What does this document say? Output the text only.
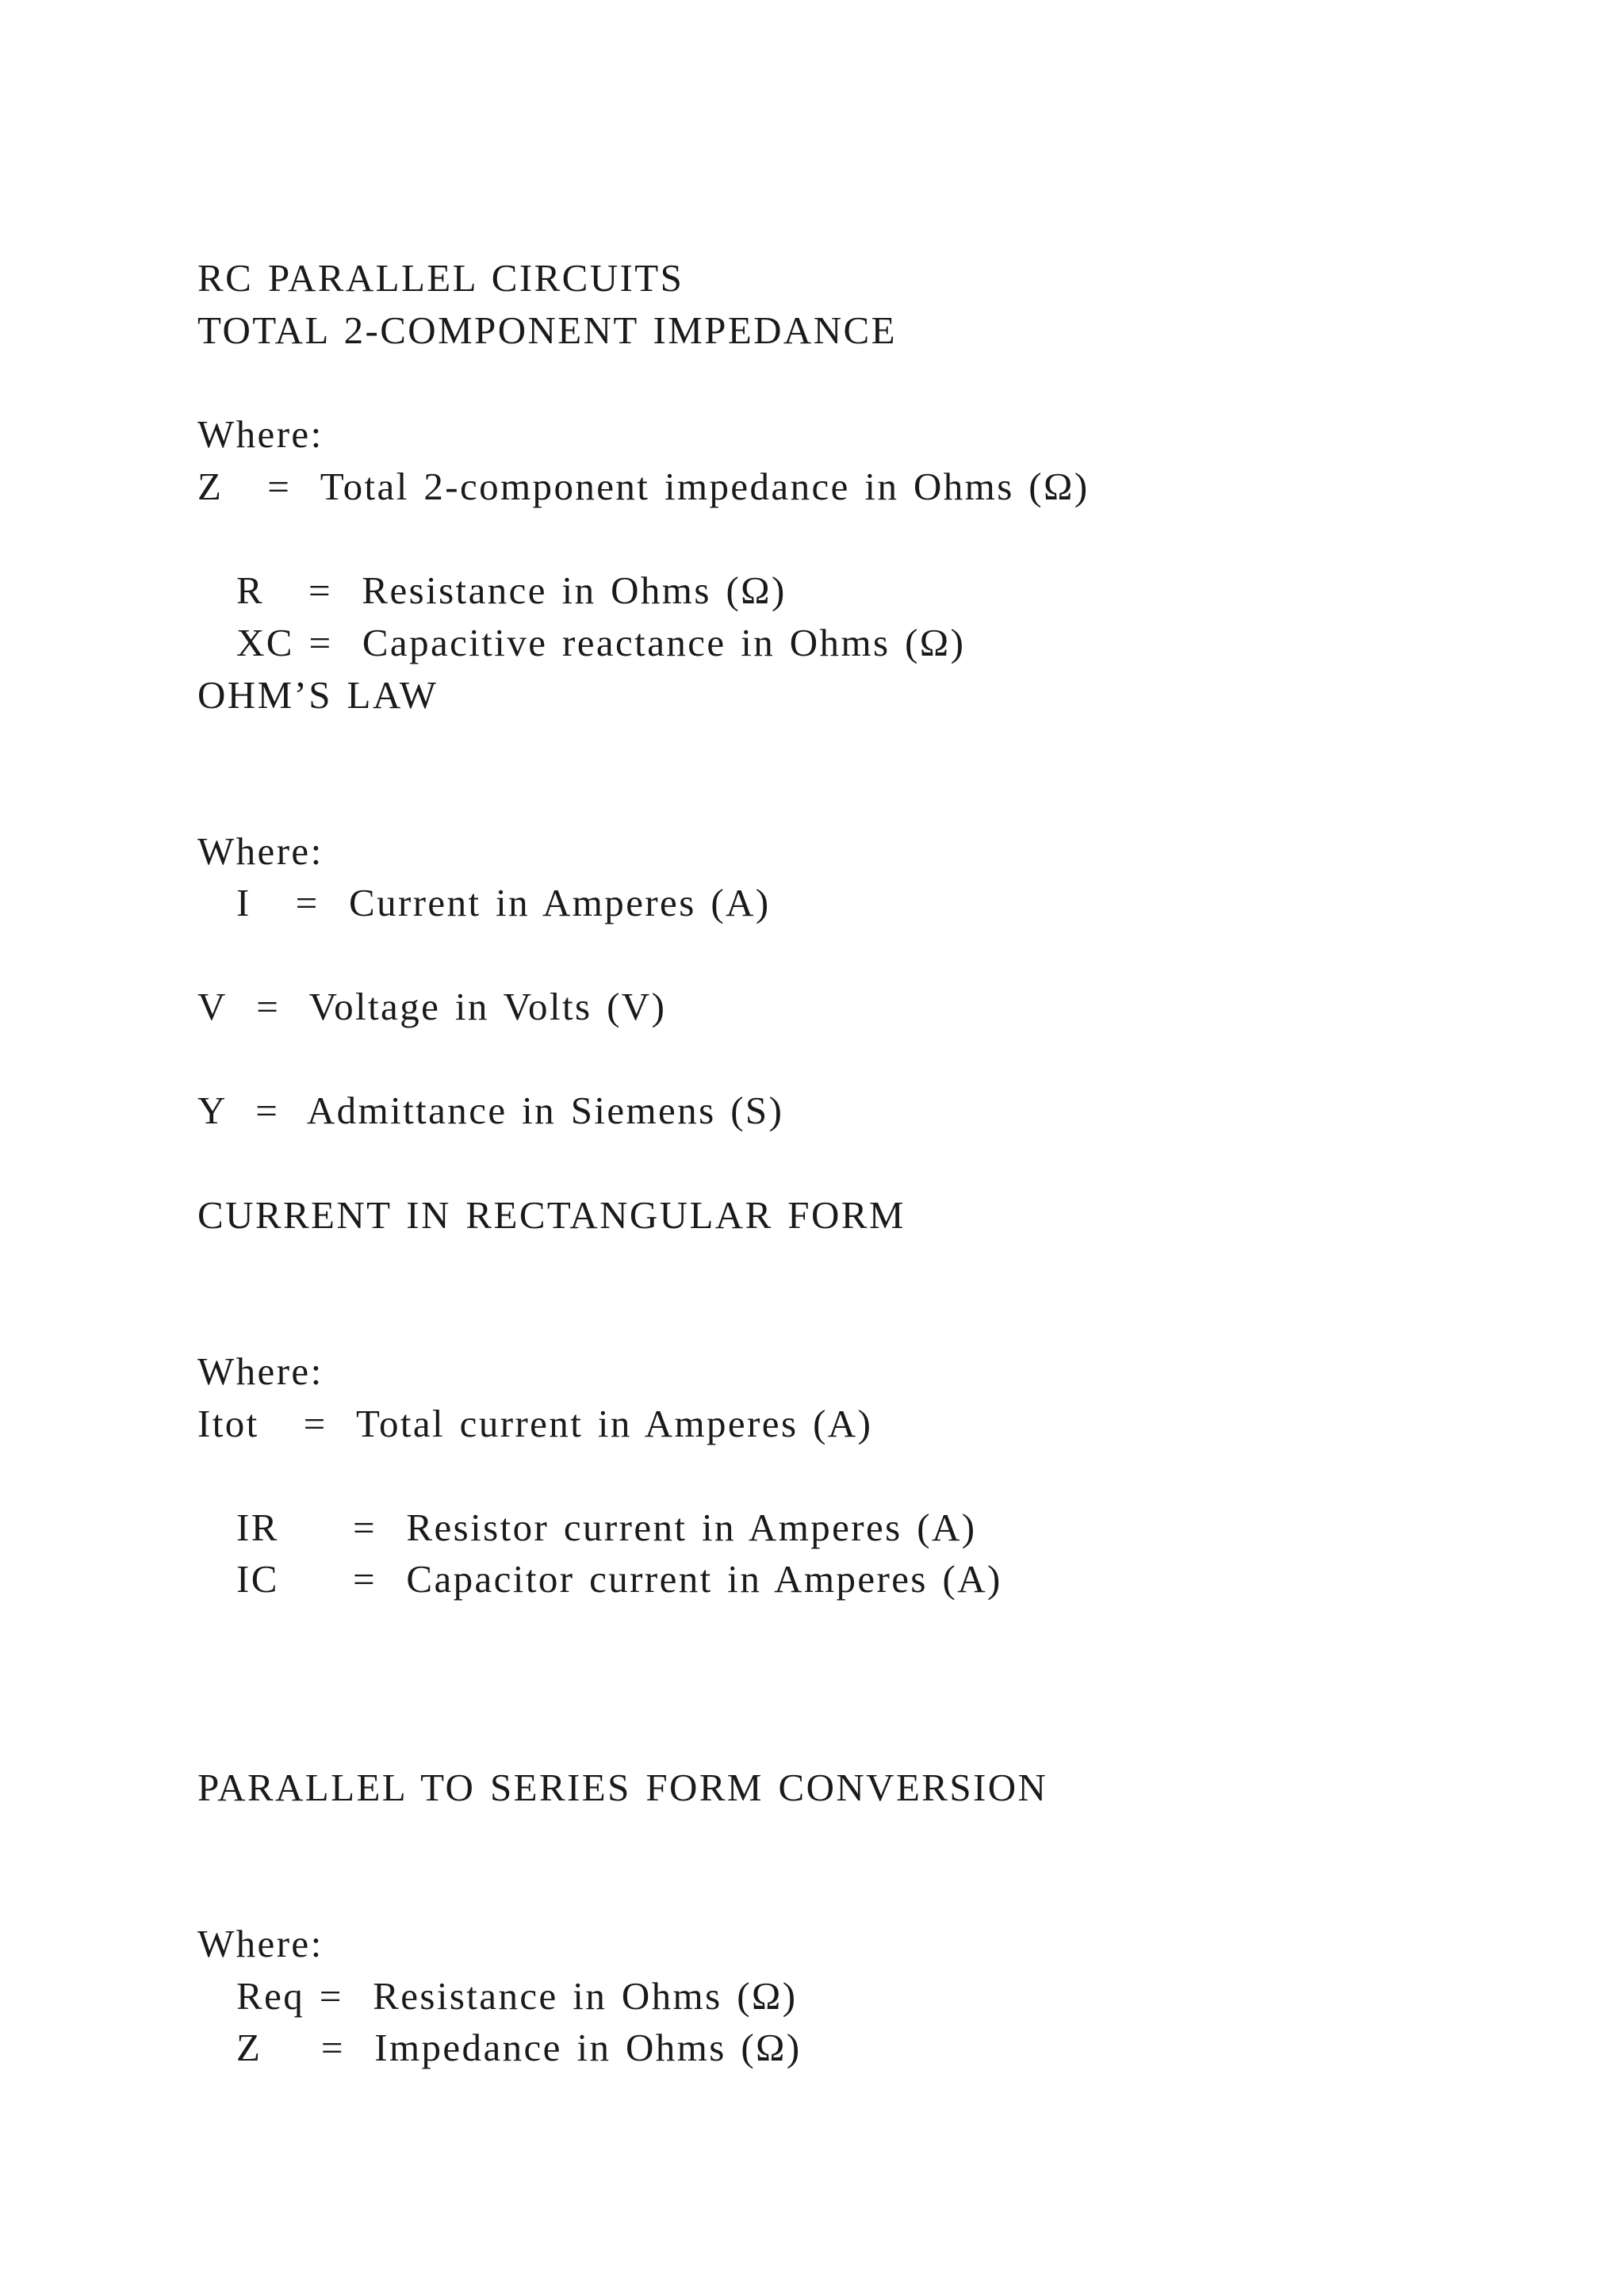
RC PARALLEL CIRCUITS
TOTAL 2-COMPONENT IMPEDANCE
Where:
Z   =  Total 2-component impedance in Ohms (Ω)
R   =  Resistance in Ohms (Ω)
XC =  Capacitive reactance in Ohms (Ω)
OHM’S LAW
Where:
I   =  Current in Amperes (A)
V  =  Voltage in Volts (V)
Y  =  Admittance in Siemens (S)
CURRENT IN RECTANGULAR FORM
Where:
Itot   =  Total current in Amperes (A)
IR     =  Resistor current in Amperes (A)
IC     =  Capacitor current in Amperes (A)
PARALLEL TO SERIES FORM CONVERSION
Where:
Req =  Resistance in Ohms (Ω)
Z    =  Impedance in Ohms (Ω)
